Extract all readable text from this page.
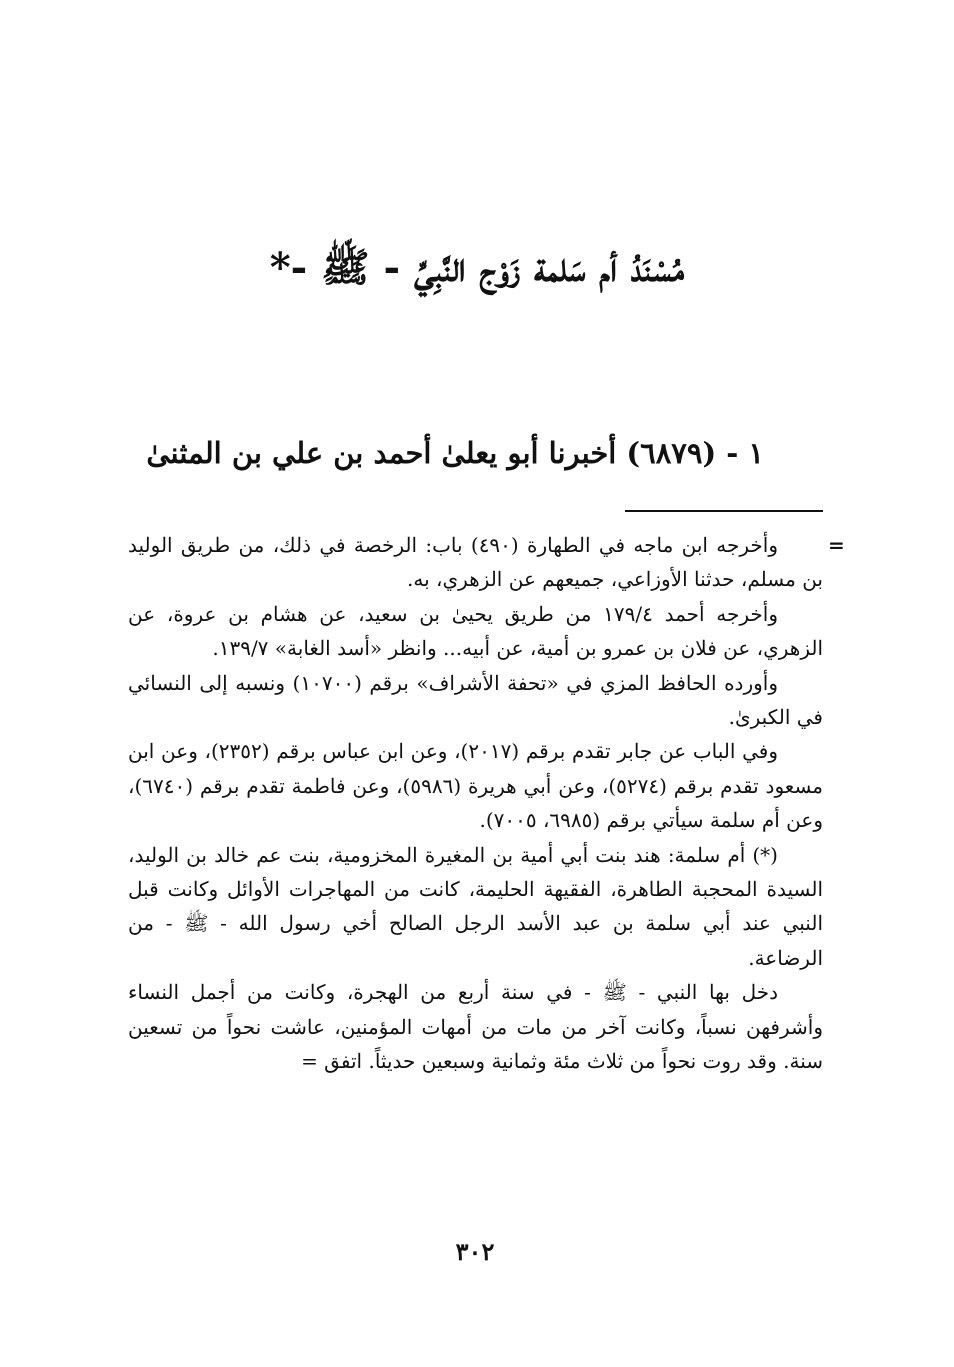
مُسْنَدُ أم سَلمة زَوْج النَّبِيِّ - ﷺ -*
١ - (٦٨٧٩) أخبرنا أبو يعلىٰ أحمد بن علي بن المثنىٰ
=

وأخرجه ابن ماجه في الطهارة (٤٩٠) باب: الرخصة في ذلك، من طريق الوليد بن مسلم، حدثنا الأوزاعي، جميعهم عن الزهري، به.

وأخرجه أحمد ١٧٩/٤ من طريق يحيىٰ بن سعيد، عن هشام بن عروة، عن الزهري، عن فلان بن عمرو بن أمية، عن أبيه... وانظر «أسد الغابة» ١٣٩/٧.

وأورده الحافظ المزي في «تحفة الأشراف» برقم (١٠٧٠٠) ونسبه إلى النسائي في الكبرىٰ.

وفي الباب عن جابر تقدم برقم (٢٠١٧)، وعن ابن عباس برقم (٢٣٥٢)، وعن ابن مسعود تقدم برقم (٥٢٧٤)، وعن أبي هريرة (٥٩٨٦)، وعن فاطمة تقدم برقم (٦٧٤٠)، وعن أم سلمة سيأتي برقم (٦٩٨٥، ٧٠٠٥).

(*) أم سلمة: هند بنت أبي أمية بن المغيرة المخزومية، بنت عم خالد بن الوليد، السيدة المحجبة الطاهرة، الفقيهة الحليمة، كانت من المهاجرات الأوائل وكانت قبل النبي عند أبي سلمة بن عبد الأسد الرجل الصالح أخي رسول الله - ﷺ - من الرضاعة.

دخل بها النبي - ﷺ - في سنة أربع من الهجرة، وكانت من أجمل النساء وأشرفهن نسباً، وكانت آخر من مات من أمهات المؤمنين، عاشت نحواً من تسعين سنة. وقد روت نحواً من ثلاث مئة وثمانية وسبعين حديثاً. اتفق =

٣٠٢
